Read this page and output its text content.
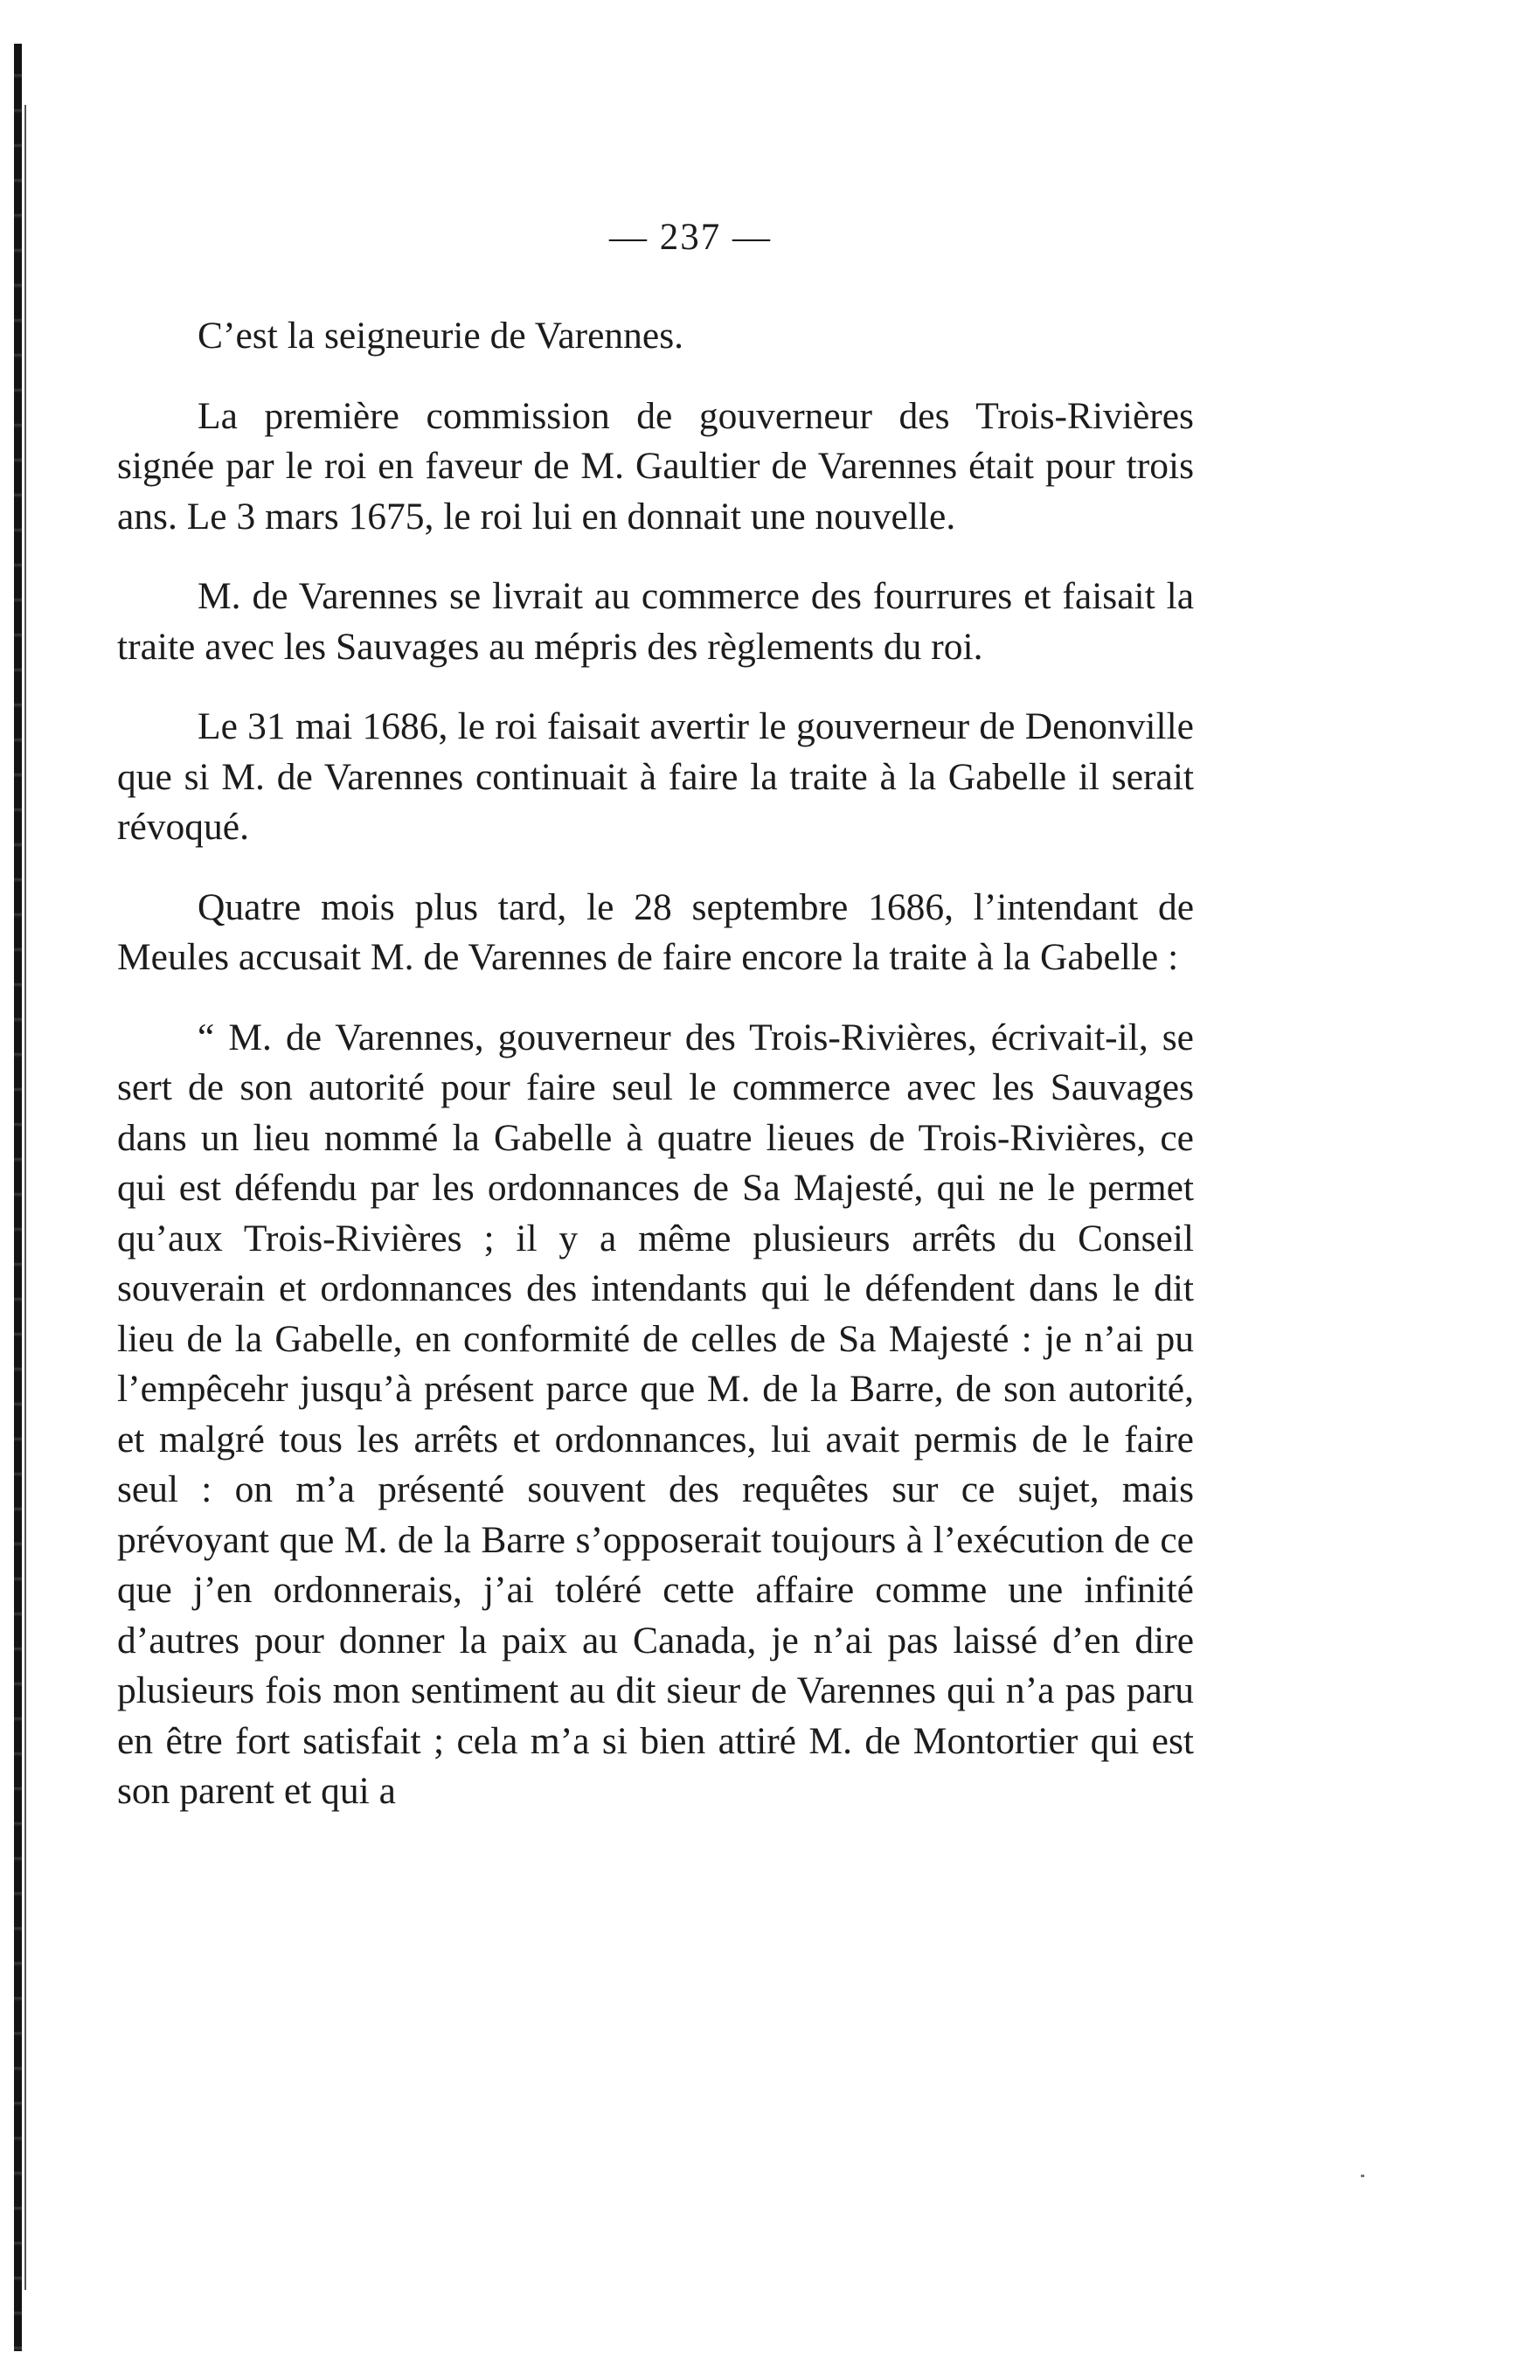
— 237 —

C’est la seigneurie de Varennes.

La première commission de gouverneur des Trois-Rivières signée par le roi en faveur de M. Gaultier de Varennes était pour trois ans. Le 3 mars 1675, le roi lui en donnait une nouvelle.

M. de Varennes se livrait au commerce des fourrures et faisait la traite avec les Sauvages au mépris des règlements du roi.

Le 31 mai 1686, le roi faisait avertir le gouverneur de Denonville que si M. de Varennes continuait à faire la traite à la Gabelle il serait révoqué.

Quatre mois plus tard, le 28 septembre 1686, l’intendant de Meules accusait M. de Varennes de faire encore la traite à la Gabelle :

“ M. de Varennes, gouverneur des Trois-Rivières, écrivait-il, se sert de son autorité pour faire seul le commerce avec les Sauvages dans un lieu nommé la Gabelle à quatre lieues de Trois-Rivières, ce qui est défendu par les ordonnances de Sa Majesté, qui ne le permet qu’aux Trois-Rivières ; il y a même plusieurs arrêts du Conseil souverain et ordonnances des intendants qui le défendent dans le dit lieu de la Gabelle, en conformité de celles de Sa Majesté : je n’ai pu l’empêcehr jusqu’à présent parce que M. de la Barre, de son autorité, et malgré tous les arrêts et ordonnances, lui avait permis de le faire seul : on m’a présenté souvent des requêtes sur ce sujet, mais prévoyant que M. de la Barre s’opposerait toujours à l’exécution de ce que j’en ordonnerais, j’ai toléré cette affaire comme une infinité d’autres pour donner la paix au Canada, je n’ai pas laissé d’en dire plusieurs fois mon sentiment au dit sieur de Varennes qui n’a pas paru en être fort satisfait ; cela m’a si bien attiré M. de Montortier qui est son parent et qui a
